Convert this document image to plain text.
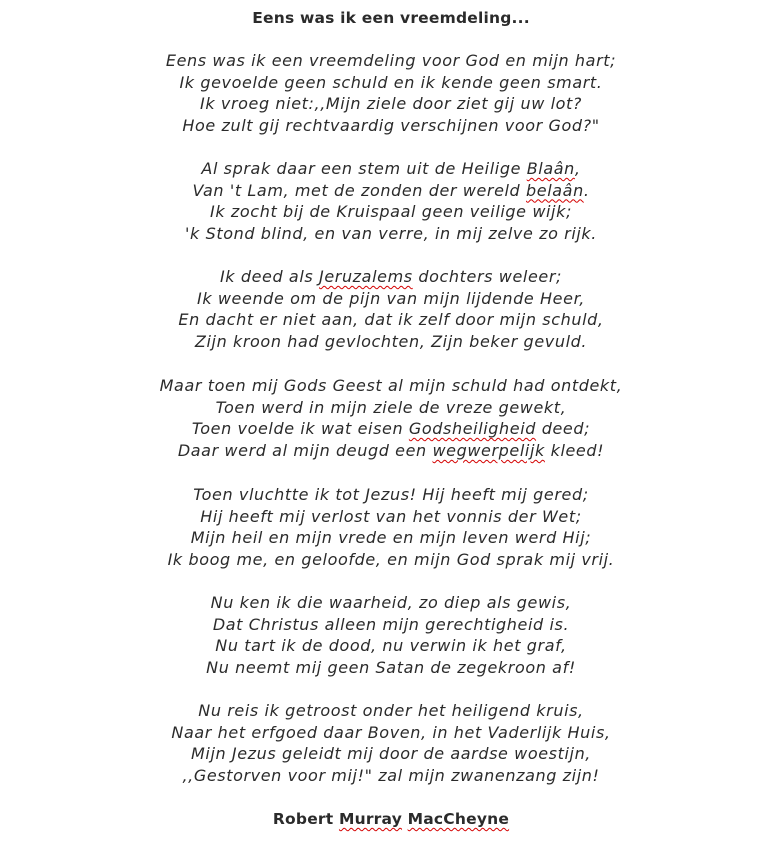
Eens was ik een vreemdeling...
Eens was ik een vreemdeling voor God en mijn hart;
Ik gevoelde geen schuld en ik kende geen smart.
Ik vroeg niet:,,Mijn ziele door ziet gij uw lot?
Hoe zult gij rechtvaardig verschijnen voor God?"
Al sprak daar een stem uit de Heilige Blaân,
Van 't Lam, met de zonden der wereld belaân.
Ik zocht bij de Kruispaal geen veilige wijk;
'k Stond blind, en van verre, in mij zelve zo rijk.
Ik deed als Jeruzalems dochters weleer;
Ik weende om de pijn van mijn lijdende Heer,
En dacht er niet aan, dat ik zelf door mijn schuld,
Zijn kroon had gevlochten, Zijn beker gevuld.
Maar toen mij Gods Geest al mijn schuld had ontdekt,
Toen werd in mijn ziele de vreze gewekt,
Toen voelde ik wat eisen Godsheiligheid deed;
Daar werd al mijn deugd een wegwerpelijk kleed!
Toen vluchtte ik tot Jezus! Hij heeft mij gered;
Hij heeft mij verlost van het vonnis der Wet;
Mijn heil en mijn vrede en mijn leven werd Hij;
Ik boog me, en geloofde, en mijn God sprak mij vrij.
Nu ken ik die waarheid, zo diep als gewis,
Dat Christus alleen mijn gerechtigheid is.
Nu tart ik de dood, nu verwin ik het graf,
Nu neemt mij geen Satan de zegekroon af!
Nu reis ik getroost onder het heiligend kruis,
Naar het erfgoed daar Boven, in het Vaderlijk Huis,
Mijn Jezus geleidt mij door de aardse woestijn,
,,Gestorven voor mij!" zal mijn zwanenzang zijn!
Robert Murray MacCheyne
